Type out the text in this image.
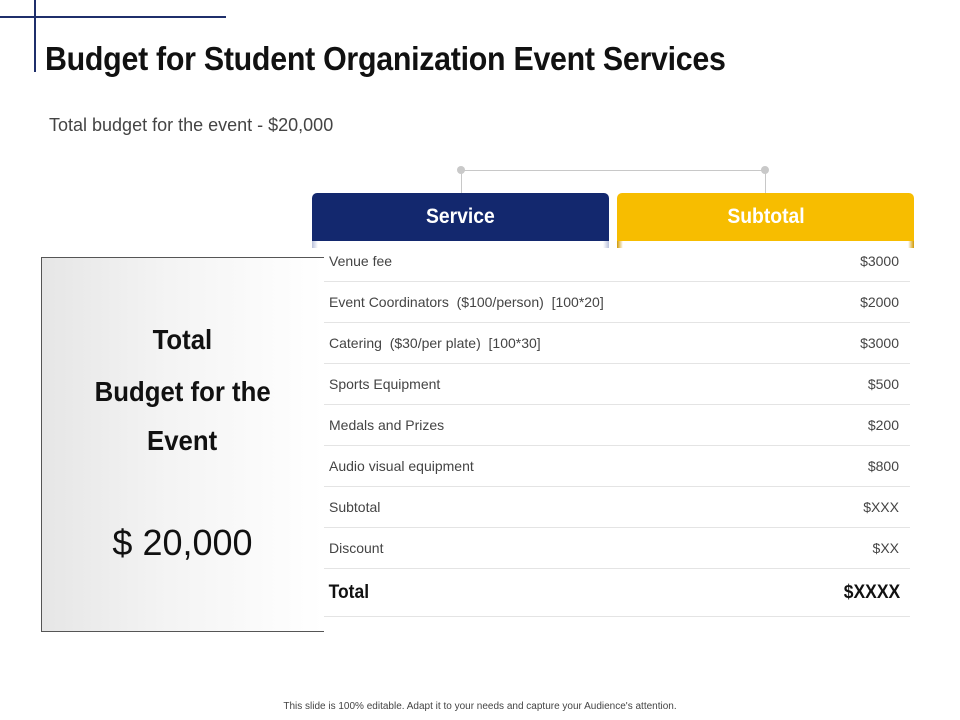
Budget for Student Organization Event Services
Total budget for the event - $20,000
Service	Subtotal
Total
Budget for the
Event
$ 20,000
Venue fee	$3000
Event Coordinators  ($100/person)  [100*20]	$2000
Catering  ($30/per plate)  [100*30]	$3000
Sports Equipment	$500
Medals and Prizes	$200
Audio visual equipment	$800
Subtotal	$XXX
Discount	$XX
Total	$XXXX
This slide is 100% editable. Adapt it to your needs and capture your Audience's attention.
